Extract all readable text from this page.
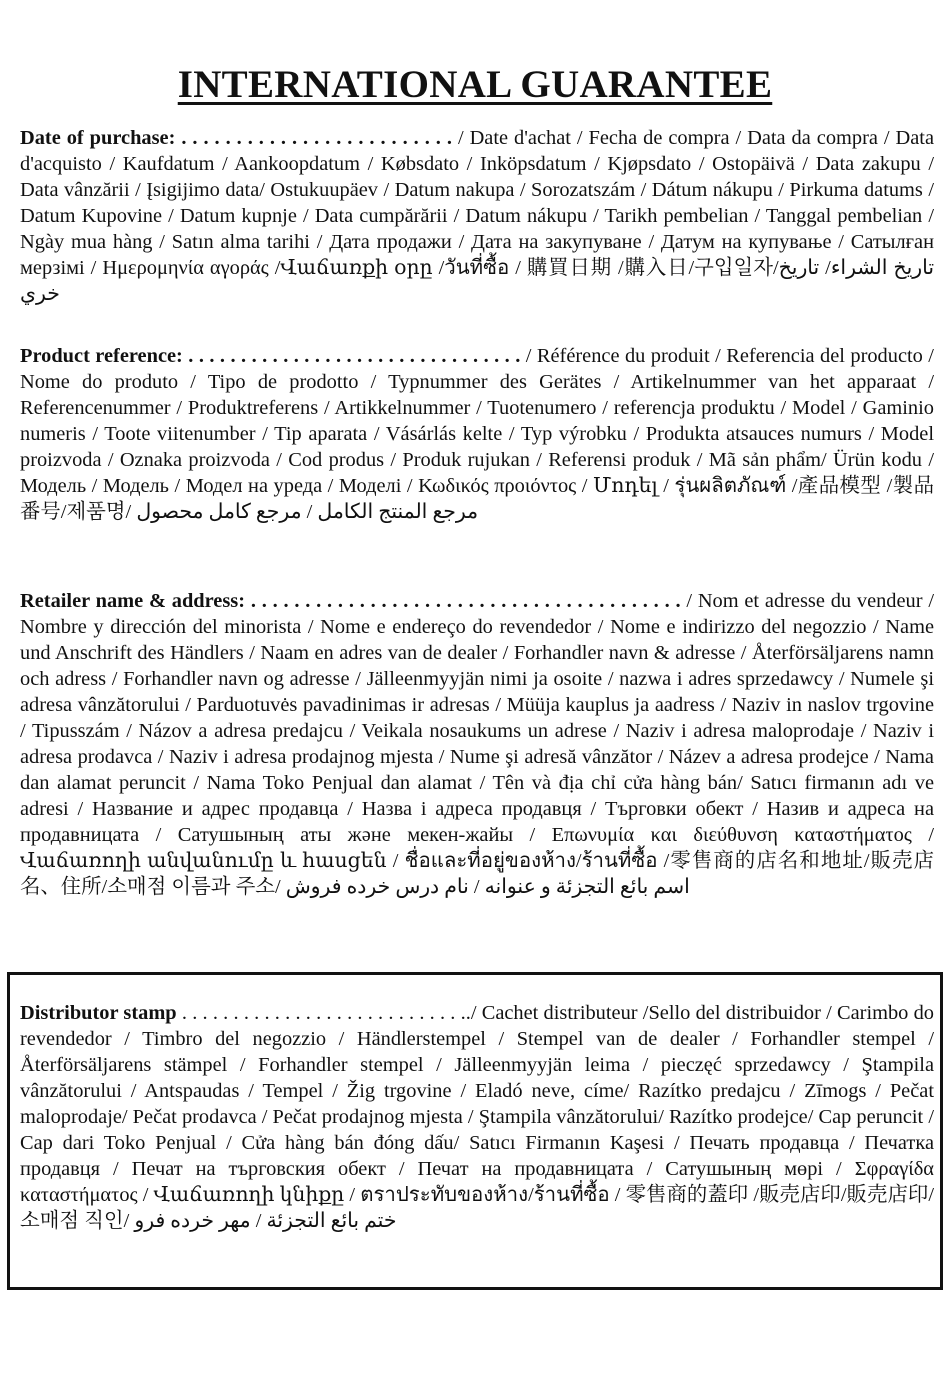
INTERNATIONAL GUARANTEE
Date of purchase: . . . . . . . . . . . . . . . . . . . . . . . . . / Date d'achat / Fecha de compra / Data da compra / Data d'acquisto / Kaufdatum / Aankoopdatum / Købsdato / Inköpsdatum / Kjøpsdato / Ostopäivä / Data zakupu / Data vânzării / Įsigijimo data/ Ostukuupäev / Datum nakupa / Sorozatszám / Dátum nákupu / Pirkuma datums / Datum Kupovine / Datum kupnje / Data cumpărării / Datum nákupu / Tarikh pembelian / Tanggal pembelian / Ngày mua hàng / Satın alma tarihi / Дата продажи / Дата на закупуване / Датум на купување / Сатылған мерзімі / Ημερομηνία αγοράς /Վաճառքի օրը /วันที่ซื้อ / 購買日期 /購入日/구입일자/تاريخ الشراء/ تاريخ خري
Product reference: . . . . . . . . . . . . . . . . . . . . . . . . . . . . . . . . / Référence du produit / Referencia del producto / Nome do produto / Tipo de prodotto / Typnummer des Gerätes / Artikelnummer van het apparaat / Referencenummer / Produktreferens / Artikkelnummer / Tuotenumero / referencja produktu / Model / Gaminio numeris / Toote viitenumber / Tip aparata / Vásárlás kelte / Typ výrobku / Produkta atsauces numurs / Model proizvoda / Oznaka proizvoda / Cod produs / Produk rujukan / Referensi produk / Mã sản phẩm/ Ürün kodu / Модель / Модель / Модел на уреда / Моделі / Κωδικός προιόντος / Մոդել / รุ่นผลิตภัณฑ์ /產品模型 /製品番号/제품명/ مرجع المنتج الكامل / مرجع كامل محصول
Retailer name & address: . . . . . . . . . . . . . . . . . . . . . . . . . . . . . . . . . . . . . . . . / Nom et adresse du vendeur / Nombre y dirección del minorista / Nome e endereço do revendedor / Nome e indirizzo del negozzio / Name und Anschrift des Händlers / Naam en adres van de dealer / Forhandler navn & adresse / Återförsäljarens namn och adress / Forhandler navn og adresse / Jälleenmyyjän nimi ja osoite / nazwa i adres sprzedawcy / Numele şi adresa vânzătorului / Parduotuvės pavadinimas ir adresas / Müüja kauplus ja aadress / Naziv in naslov trgovine / Tipusszám / Názov a adresa predajcu / Veikala nosaukums un adrese / Naziv i adresa maloprodaje / Naziv i adresa prodavca / Naziv i adresa prodajnog mjesta / Nume şi adresă vânzător / Název a adresa prodejce / Nama dan alamat peruncit / Nama Toko Penjual dan alamat / Tên và địa chỉ cửa hàng bán/ Satıcı firmanın adı ve adresi / Название и адрес продавца / Назва і адреса продавця / Търговки обект / Назив и адреса на продавницата / Сатушының аты және мекен-жайы / Επωνυμία και διεύθυνση καταστήματος / Վաճառողի անվանումը և հասցեն / ชื่อและที่อยู่ของห้าง/ร้านที่ซื้อ /零售商的店名和地址/販売店名、住所/소매점 이름과 주소/ اسم بائع التجزئة و عنوانه / نام درس خرده فروش
Distributor stamp . . . . . . . . . . . . . . . . . . . . . . . . . . . ../ Cachet distributeur /Sello del distribuidor / Carimbo do revendedor / Timbro del negozzio / Händlerstempel / Stempel van de dealer / Forhandler stempel / Återförsäljarens stämpel / Forhandler stempel / Jälleenmyyjän leima / pieczęć sprzedawcy / Ştampila vânzătorului / Antspaudas / Tempel / Žig trgovine / Eladó neve, címe/ Razítko predajcu / Zīmogs / Pečat maloprodaje/ Pečat prodavca / Pečat prodajnog mjesta / Ştampila vânzătorului/ Razítko prodejce/ Cap peruncit / Cap dari Toko Penjual / Cửa hàng bán đóng dấu/ Satıcı Firmanın Kaşesi / Печать продавца / Печатка продавця / Печат на търговския обект / Печат на продавницата / Сатушының мөрі / Σφραγίδα καταστήματος / Վաճառողի կնիքը / ตราประทับของห้าง/ร้านที่ซื้อ / 零售商的蓋印 /販売店印/販売店印/소매점 직인/ ختم بائع التجزئة / مهر خرده فرو
